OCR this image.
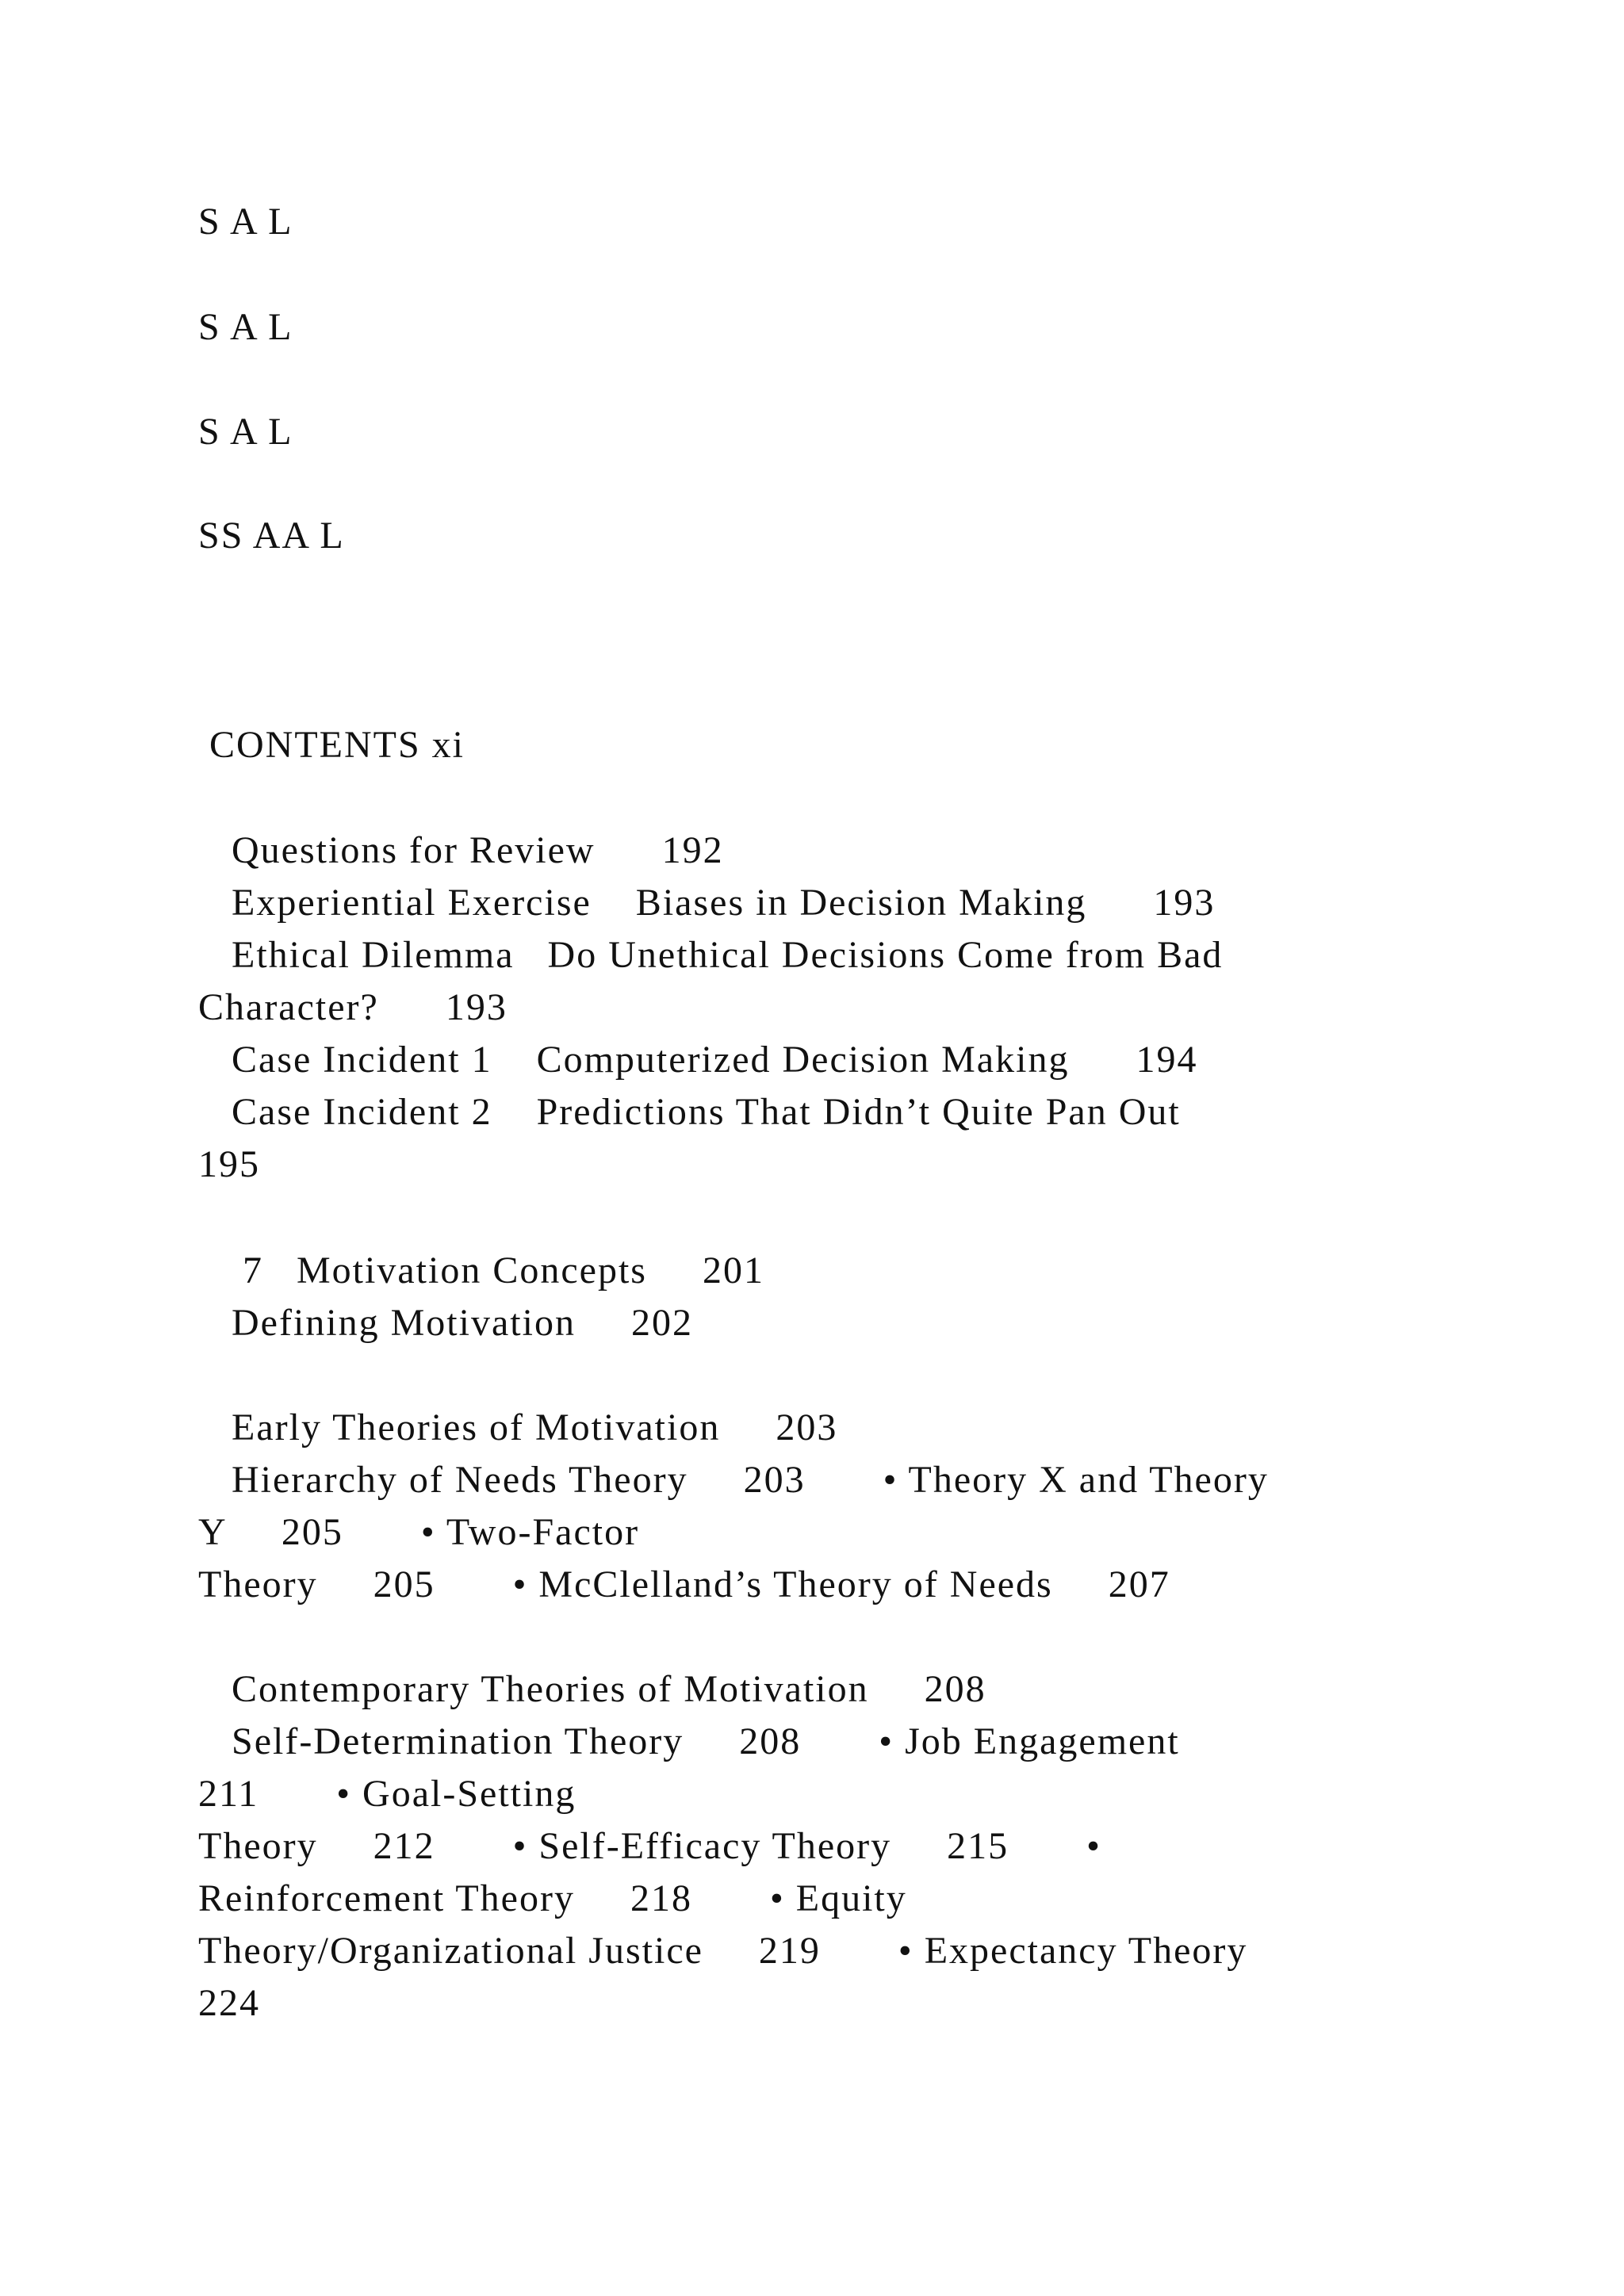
S A L

S A L

S A L

SS AA L

CONTENTS xi

Questions for Review      192

Experiential Exercise    Biases in Decision Making      193

Ethical Dilemma   Do Unethical Decisions Come from Bad

Character?      193

Case Incident 1    Computerized Decision Making      194

Case Incident 2    Predictions That Didn’t Quite Pan Out

195

7   Motivation Concepts     201

Defining Motivation     202

Early Theories of Motivation     203

Hierarchy of Needs Theory     203       • Theory X and Theory

Y     205       • Two-Factor

Theory     205       • McClelland’s Theory of Needs     207

Contemporary Theories of Motivation     208

Self-Determination Theory     208       • Job Engagement

211       • Goal-Setting

Theory     212       • Self-Efficacy Theory     215       •

Reinforcement Theory     218       • Equity

Theory/Organizational Justice     219       • Expectancy Theory

224
